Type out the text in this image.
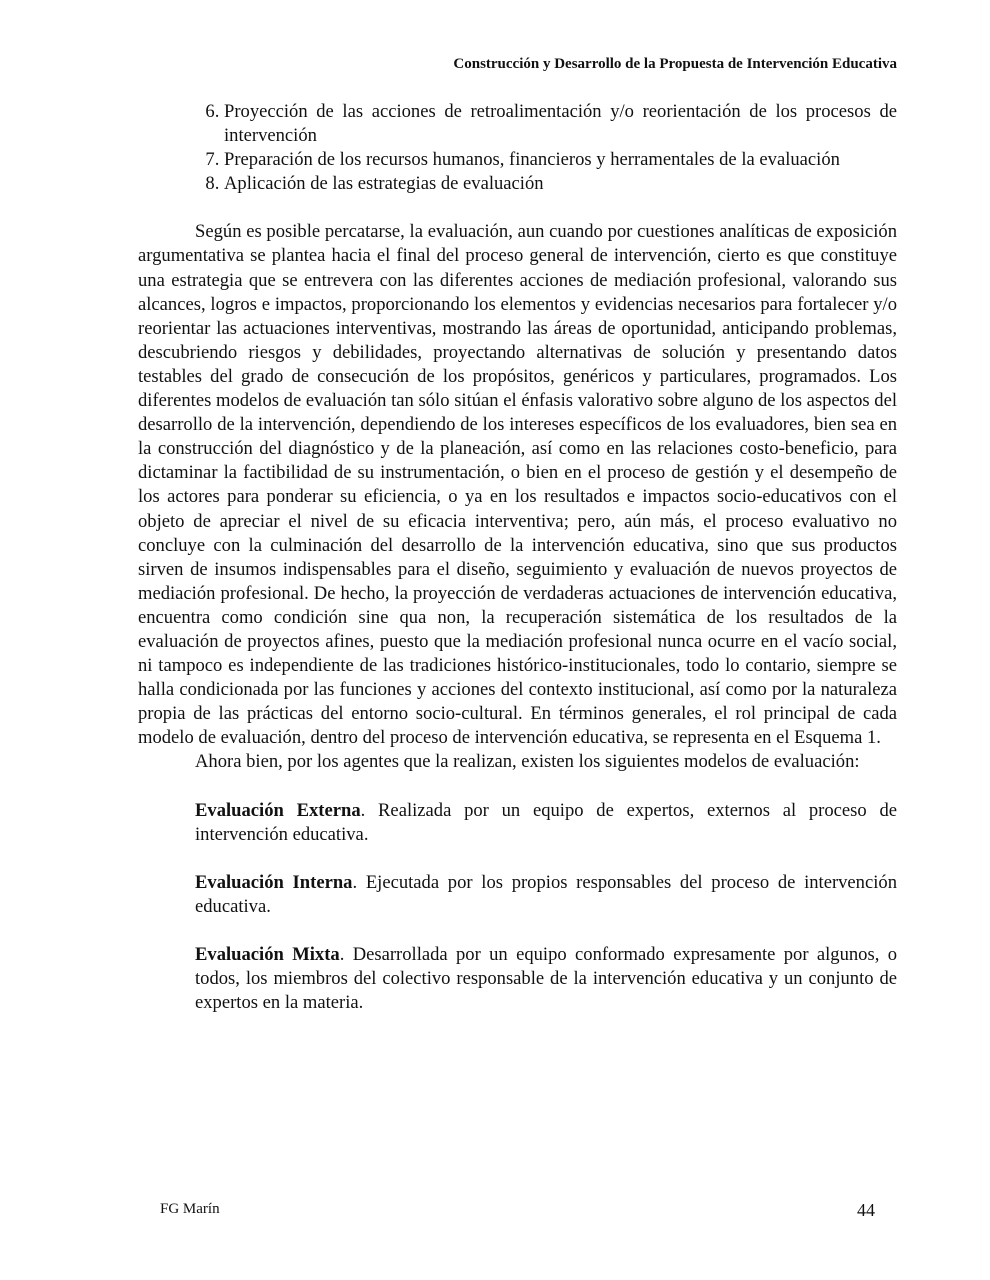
Construcción y Desarrollo de la Propuesta de Intervención Educativa
6. Proyección de las acciones de retroalimentación y/o reorientación de los procesos de intervención
7. Preparación de los recursos humanos, financieros y herramentales de la evaluación
8. Aplicación de las estrategias de evaluación

Según es posible percatarse, la evaluación, aun cuando por cuestiones analíticas de exposición argumentativa se plantea hacia el final del proceso general de intervención, cierto es que constituye una estrategia que se entrevera con las diferentes acciones de mediación profesional, valorando sus alcances, logros e impactos, proporcionando los elementos y evidencias necesarios para fortalecer y/o reorientar las actuaciones interventivas, mostrando las áreas de oportunidad, anticipando problemas, descubriendo riesgos y debilidades, proyectando alternativas de solución y presentando datos testables del grado de consecución de los propósitos, genéricos y particulares, programados. Los diferentes modelos de evaluación tan sólo sitúan el énfasis valorativo sobre alguno de los aspectos del desarrollo de la intervención, dependiendo de los intereses específicos de los evaluadores, bien sea en la construcción del diagnóstico y de la planeación, así como en las relaciones costo-beneficio, para dictaminar la factibilidad de su instrumentación, o bien en el proceso de gestión y el desempeño de los actores para ponderar su eficiencia, o ya en los resultados e impactos socio-educativos con el objeto de apreciar el nivel de su eficacia interventiva; pero, aún más, el proceso evaluativo no concluye con la culminación del desarrollo de la intervención educativa, sino que sus productos sirven de insumos indispensables para el diseño, seguimiento y evaluación de nuevos proyectos de mediación profesional. De hecho, la proyección de verdaderas actuaciones de intervención educativa, encuentra como condición sine qua non, la recuperación sistemática de los resultados de la evaluación de proyectos afines, puesto que la mediación profesional nunca ocurre en el vacío social, ni tampoco es independiente de las tradiciones histórico-institucionales, todo lo contario, siempre se halla condicionada por las funciones y acciones del contexto institucional, así como por la naturaleza propia de las prácticas del entorno socio-cultural. En términos generales, el rol principal de cada modelo de evaluación, dentro del proceso de intervención educativa, se representa en el Esquema 1.

Ahora bien, por los agentes que la realizan, existen los siguientes modelos de evaluación:

Evaluación Externa. Realizada por un equipo de expertos, externos al proceso de intervención educativa.

Evaluación Interna. Ejecutada por los propios responsables del proceso de intervención educativa.

Evaluación Mixta. Desarrollada por un equipo conformado expresamente por algunos, o todos, los miembros del colectivo responsable de la intervención educativa y un conjunto de expertos en la materia.

FG Marín	44
